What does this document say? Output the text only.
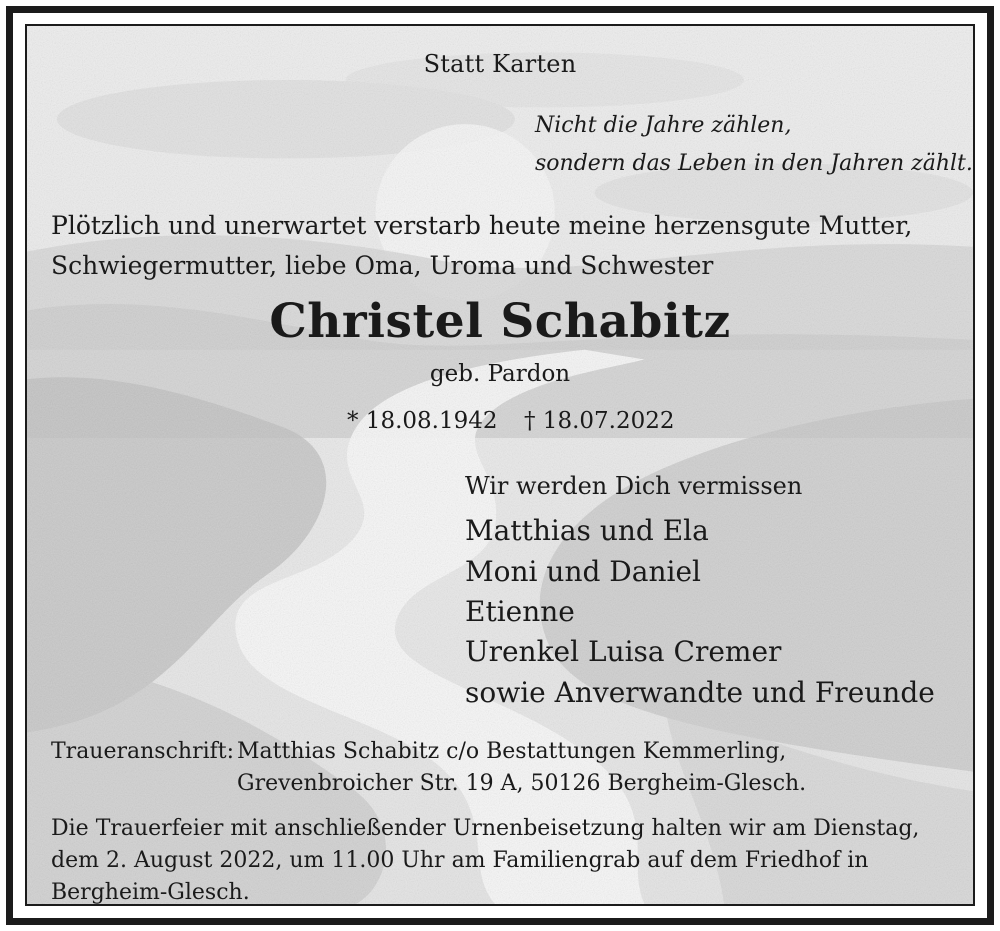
Statt Karten
Nicht die Jahre zählen,
sondern das Leben in den Jahren zählt.
Plötzlich und unerwartet verstarb heute meine herzensgute Mutter,
Schwiegermutter, liebe Oma, Uroma und Schwester
Christel Schabitz
geb. Pardon
* 18.08.1942 † 18.07.2022
Wir werden Dich vermissen
Matthias und Ela
Moni und Daniel
Etienne
Urenkel Luisa Cremer
sowie Anverwandte und Freunde
Traueranschrift: Matthias Schabitz c/o Bestattungen Kemmerling,
Grevenbroicher Str. 19 A, 50126 Bergheim-Glesch.
Die Trauerfeier mit anschließender Urnenbeisetzung halten wir am Dienstag,
dem 2. August 2022, um 11.00 Uhr am Familiengrab auf dem Friedhof in
Bergheim-Glesch.
